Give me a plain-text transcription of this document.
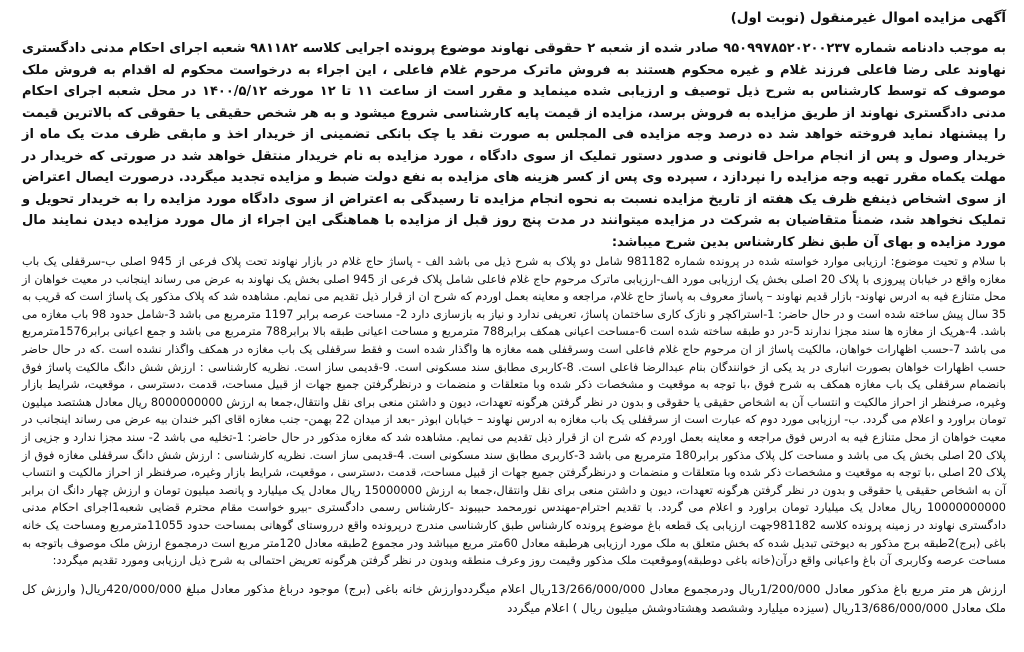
آگهی مزایده اموال غیرمنقول (نوبت اول)

به موجب دادنامه شماره ۹۵۰۹۹۷۸۵۲۰۲۰۰۲۳۷ صادر شده از شعبه ۲ حقوقی نهاوند موضوع پرونده اجرایی کلاسه ۹۸۱۱۸۲ شعبه اجرای احکام مدنی دادگستری نهاوند علی رضا فاعلی فرزند غلام و غیره محکوم هستند به فروش ماترک مرحوم غلام فاعلی ، این اجراء به درخواست محکوم له اقدام به فروش ملک موصوف که توسط کارشناس به شرح ذیل توصیف و ارزیابی شده مینماید و مقرر است از ساعت ۱۱ تا ۱۲ مورخه ۱۴۰۰/۵/۱۲ در محل شعبه اجرای احکام مدنی دادگستری نهاوند از طریق مزایده به فروش برسد، مزایده از قیمت پایه کارشناسی شروع میشود و به هر شخص حقیقی یا حقوقی که بالاترین قیمت را پیشنهاد نماید فروخته خواهد شد ده درصد وجه مزایده فی المجلس به صورت نقد یا چک بانکی تضمینی از خریدار اخذ و مابقی ظرف مدت یک ماه از خریدار وصول و پس از انجام مراحل قانونی و صدور دستور تملیک از سوی دادگاه ، مورد مزایده به نام خریدار منتقل خواهد شد در صورتی که خریدار در مهلت یکماه مقرر تهیه وجه مزایده را نپردازد ، سپرده وی پس از کسر هزینه های مزایده به نفع دولت ضبط و مزایده تجدید میگردد. درصورت ایصال اعتراض از سوی اشخاص ذینفع ظرف یک هفته از تاریخ مزایده نسبت به نحوه انجام مزایده تا رسیدگی به اعتراض از سوی دادگاه مورد مزایده را به خریدار تحویل و تملیک نخواهد شد، ضمناً متقاضیان به شرکت در مزایده میتوانند در مدت پنج روز قبل از مزایده با هماهنگی این اجراء از مال مورد مزایده دیدن نمایند مال مورد مزایده و بهای آن طبق نظر کارشناس بدین شرح میباشد:

با سلام و تحیت موضوع: ارزیابی موارد خواسته شده در پرونده شماره 981182 شامل دو پلاک به شرح ذیل می باشد الف - پاساژ حاج غلام در بازار نهاوند تحت پلاک فرعی از 945 اصلی ب-سرقفلی یک باب مغازه واقع در خیابان پیروزی با پلاک 20 اصلی بخش یک ارزیابی مورد الف-ارزیابی ماترک مرحوم حاج غلام فاعلی شامل پلاک فرعی از 945 اصلی بخش یک نهاوند به عرض می رساند اینجانب در معیت خواهان از محل متنازع فیه به ادرس نهاوند- بازار قدیم نهاوند – پاساژ معروف به پاساژ حاج غلام، مراجعه و معاینه بعمل اوردم که شرح ان از قرار ذیل تقدیم می نمایم. مشاهده شد که پلاک مذکور یک پاساژ است که قریب به 35 سال پیش ساخته شده است و در حال حاضر: 1-استراکچر و نازک کاری ساختمان پاساژ، تعریفی ندارد و نیاز به بازسازی دارد 2- مساحت عرصه برابر 1197 مترمربع می باشد 3-شامل حدود 98 باب مغازه می باشد. 4-هریک از مغازه ها سند مجزا ندارند 5-در دو طبقه ساخته شده است 6-مساحت اعیانی همکف برابر788 مترمربع و مساحت اعیانی طبقه بالا برابر788 مترمربع می باشد و جمع اعیانی برابر1576مترمربع می باشد 7-حسب اظهارات خواهان، مالکیت پاساژ از ان مرحوم حاج غلام فاعلی است وسرقفلی همه مغازه ها واگذار شده است و فقط سرقفلی یک باب مغازه در همکف واگذار نشده است .که در حال حاضر حسب اظهارات خواهان بصورت انباری در ید یکی از خوانندگان بنام عبدالرضا فاعلی است. 8-کاربری مطابق سند مسکونی است. 9-قدیمی ساز است. نظریه کارشناسی : ارزش شش دانگ مالکیت پاساژ فوق بانضمام سرقفلی یک باب مغازه همکف به شرح فوق ،با توجه به موقعیت و مشخصات ذکر شده وبا متعلقات و منضمات و درنظرگرفتن جمیع جهات از قبیل مساحت، قدمت ،دسترسی ، موقعیت، شرایط بازار وغیره، صرفنظر از احراز مالکیت و انتساب آن به اشخاص حقیقی یا حقوقی و بدون در نظر گرفتن هرگونه تعهدات، دیون و داشتن منعی برای نقل وانتقال،جمعا به ارزش 8000000000 ریال معادل هشتصد میلیون تومان براورد و اعلام می گردد. ب- ارزیابی مورد دوم که عبارت است از سرقفلی یک باب مغازه به ادرس نهاوند – خیابان ابوذر -بعد از میدان 22 بهمن- جنب مغازه اقای اکبر خندان بیه عرض می رساند اینجانب در معیت خواهان از محل متنازع فیه به ادرس فوق مراجعه و معاینه بعمل اوردم که شرح ان از قرار ذیل تقدیم می نمایم. مشاهده شد که مغازه مذکور در حال حاضر: 1-تخلیه می باشد 2- سند مجزا ندارد و جزیی از پلاک 20 اصلی بخش یک می باشد و مساحت کل پلاک مذکور برابر180 مترمربع می باشد 3-کاربری مطابق سند مسکونی است. 4-قدیمی ساز است. نظریه کارشناسی : ارزش شش دانگ سرقفلی مغازه فوق از پلاک 20 اصلی ،با توجه به موقعیت و مشخصات ذکر شده وبا متعلقات و منضمات و درنظرگرفتن جمیع جهات از قبیل مساحت، قدمت ،دسترسی ، موقعیت، شرایط بازار وغیره، صرفنظر از احراز مالکیت و انتساب آن به اشخاص حقیقی یا حقوقی و بدون در نظر گرفتن هرگونه تعهدات، دیون و داشتن منعی برای نقل وانتقال،جمعا به ارزش 15000000 ریال معادل یک میلیارد و پانصد میلیون تومان و ارزش چهار دانگ ان برابر 10000000000 ریال معادل یک میلیارد تومان براورد و اعلام می گردد. با تقدیم احترام-مهندس نورمحمد حبیبوند -کارشناس رسمی دادگستری -بیرو خواست مقام محترم قضایی شعبه1اجرای احکام مدنی دادگستری نهاوند در زمینه پرونده کلاسه 981182جهت ارزیابی یک قطعه باغ موضوع پرونده کارشناس طبق کارشناسی مندرج درپرونده واقع درروستای گوهانی بمساحت حدود 11055مترمربع ومساحت یک خانه باغی (برج)2طبقه برج مذکور به دیوختی تبدیل شده که بخش متعلق به ملک مورد ارزیابی هرطبقه معادل 60متر مربع میباشد ودر مجموع 2طبقه معادل 120متر مربع است درمجموع ارزش ملک موصوف باتوجه به مساحت عرصه وکاربری آن باغ واعیانی واقع درآن(خانه باغی دوطبقه)وموقعیت ملک مذکور وقیمت روز وعرف منطقه وبدون در نظر گرفتن هرگونه تعریض احتمالی به شرح ذیل ارزیابی ومورد تقدیم میگردد:

ارزش هر متر مربع باغ مذکور معادل 1/200/000ریال ودرمجموع معادل 13/266/000/000ریال اعلام میگرددوارزش خانه باغی (برج) موجود درباغ مذکور معادل مبلغ 420/000/000ریال( وارزش کل ملک معادل 13/686/000/000ریال (سیزده میلیارد وششصد وهشتادوشش میلیون ریال ) اعلام میگردد
